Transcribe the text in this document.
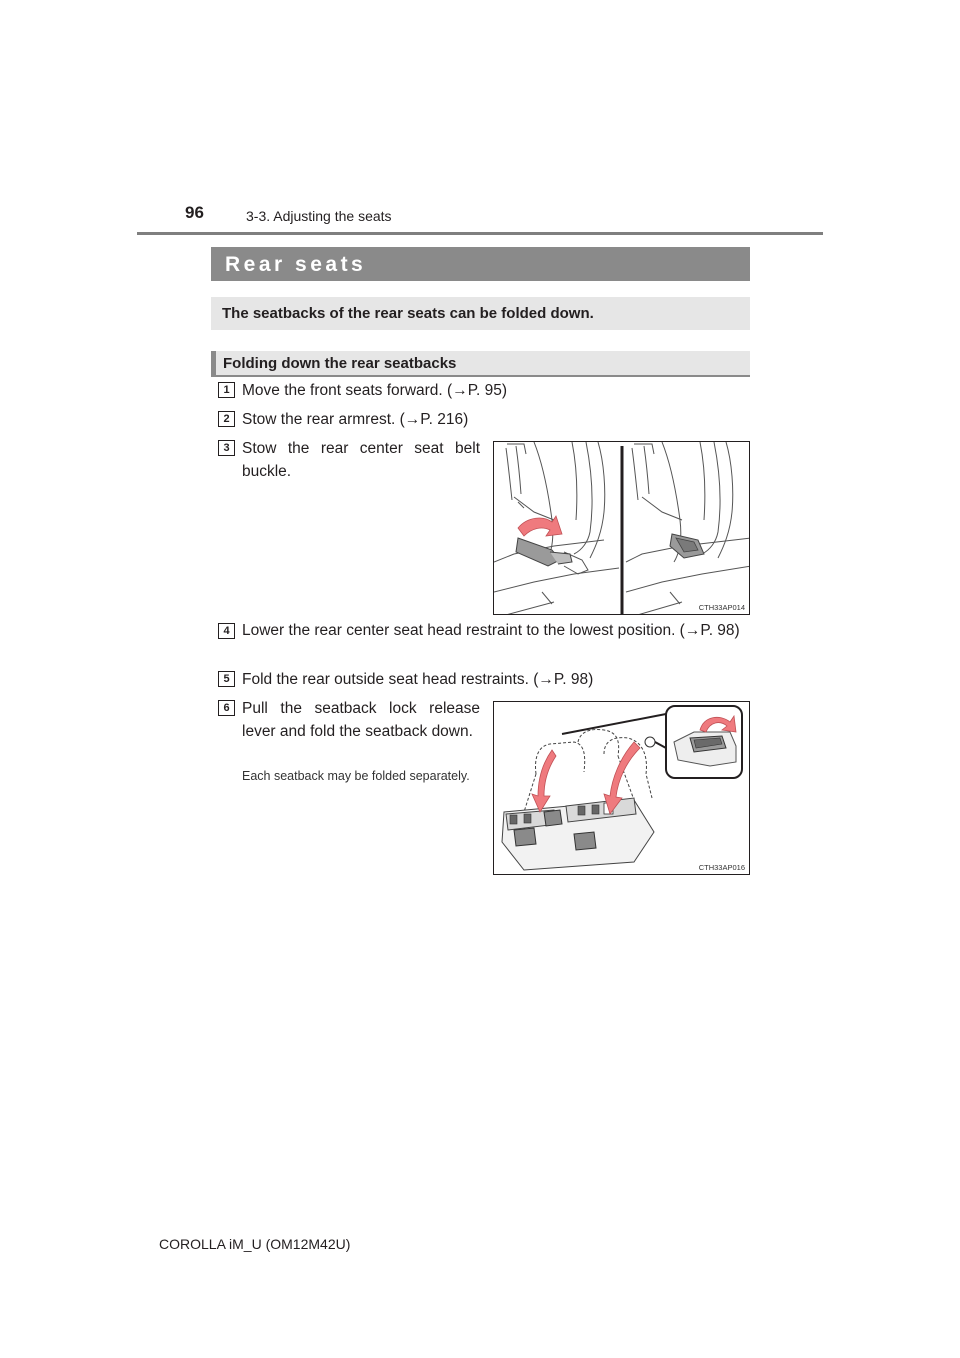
96	3-3. Adjusting the seats
Rear seats
The seatbacks of the rear seats can be folded down.
Folding down the rear seatbacks
1 Move the front seats forward. (→P. 95)
2 Stow the rear armrest. (→P. 216)
3 Stow the rear center seat belt buckle.
CTH33AP014
4 Lower the rear center seat head restraint to the lowest position. (→P. 98)
5 Fold the rear outside seat head restraints. (→P. 98)
6 Pull the seatback lock release lever and fold the seatback down.
Each seatback may be folded separately.
CTH33AP016
COROLLA iM_U (OM12M42U)
